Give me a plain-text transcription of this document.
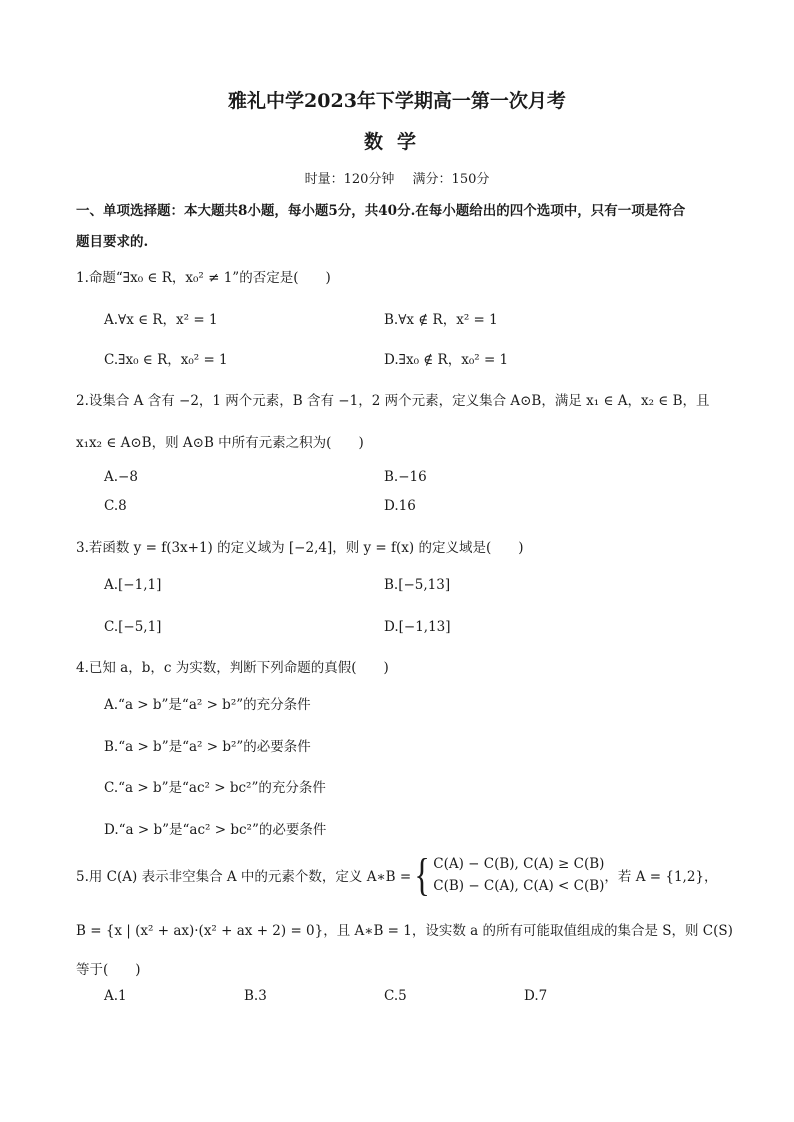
雅礼中学2023年下学期高一第一次月考
数学
时量：120分钟 满分：150分
一、单项选择题：本大题共8小题，每小题5分，共40分.在每小题给出的四个选项中，只有一项是符合
题目要求的.
1.命题“∃x₀ ∈ R，x₀² ≠ 1”的否定是(　　)
A.∀x ∈ R，x² = 1	B.∀x ∉ R，x² = 1
C.∃x₀ ∈ R，x₀² = 1	D.∃x₀ ∉ R，x₀² = 1
2.设集合 A 含有 −2，1 两个元素，B 含有 −1，2 两个元素，定义集合 A⊙B，满足 x₁ ∈ A，x₂ ∈ B，且
x₁x₂ ∈ A⊙B，则 A⊙B 中所有元素之积为(　　)
A.−8	B.−16
C.8	D.16
3.若函数 y = f(3x+1) 的定义域为 [−2,4]，则 y = f(x) 的定义域是(　　)
A.[−1,1]	B.[−5,13]
C.[−5,1]	D.[−1,13]
4.已知 a，b，c 为实数，判断下列命题的真假(　　)
A.“a > b”是“a² > b²”的充分条件
B.“a > b”是“a² > b²”的必要条件
C.“a > b”是“ac² > bc²”的充分条件
D.“a > b”是“ac² > bc²”的必要条件
5.用 C(A) 表示非空集合 A 中的元素个数，定义 A∗B = { C(A) − C(B), C(A) ≥ C(B)
C(B) − C(A), C(A) < C(B)
，若 A = {1,2}，
B = {x | (x² + ax)·(x² + ax + 2) = 0}，且 A∗B = 1，设实数 a 的所有可能取值组成的集合是 S，则 C(S)
等于(　　)
A.1	B.3	C.5	D.7
